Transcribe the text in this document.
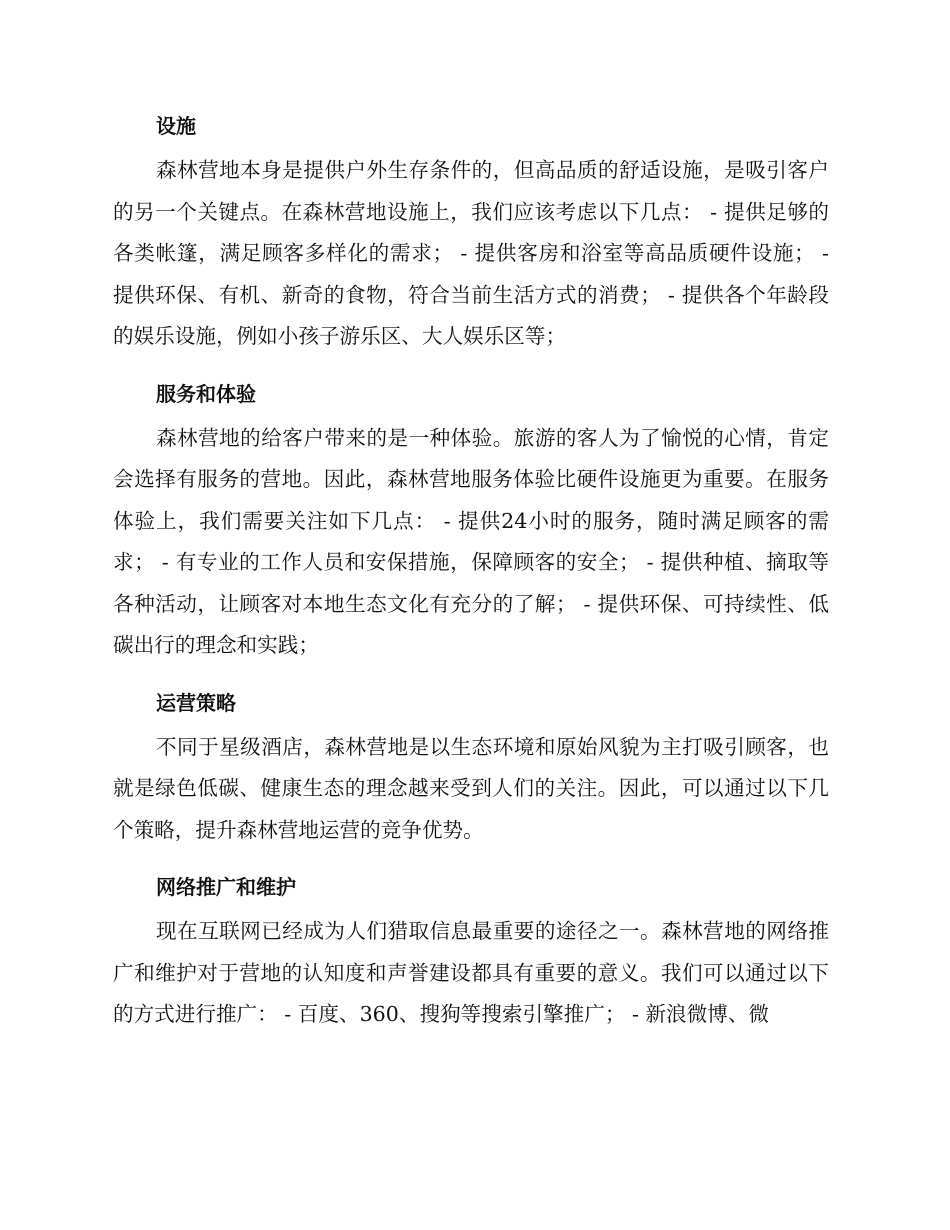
设施

森林营地本身是提供户外生存条件的，但高品质的舒适设施，是吸引客户的另一个关键点。在森林营地设施上，我们应该考虑以下几点： - 提供足够的各类帐篷，满足顾客多样化的需求； - 提供客房和浴室等高品质硬件设施； - 提供环保、有机、新奇的食物，符合当前生活方式的消费； - 提供各个年龄段的娱乐设施，例如小孩子游乐区、大人娱乐区等；

服务和体验

森林营地的给客户带来的是一种体验。旅游的客人为了愉悦的心情，肯定会选择有服务的营地。因此，森林营地服务体验比硬件设施更为重要。在服务体验上，我们需要关注如下几点： - 提供24小时的服务，随时满足顾客的需求； - 有专业的工作人员和安保措施，保障顾客的安全； - 提供种植、摘取等各种活动，让顾客对本地生态文化有充分的了解； - 提供环保、可持续性、低碳出行的理念和实践；

运营策略

不同于星级酒店，森林营地是以生态环境和原始风貌为主打吸引顾客，也就是绿色低碳、健康生态的理念越来受到人们的关注。因此，可以通过以下几个策略，提升森林营地运营的竞争优势。

网络推广和维护

现在互联网已经成为人们猎取信息最重要的途径之一。森林营地的网络推广和维护对于营地的认知度和声誉建设都具有重要的意义。我们可以通过以下的方式进行推广： - 百度、360、搜狗等搜索引擎推广； - 新浪微博、微
